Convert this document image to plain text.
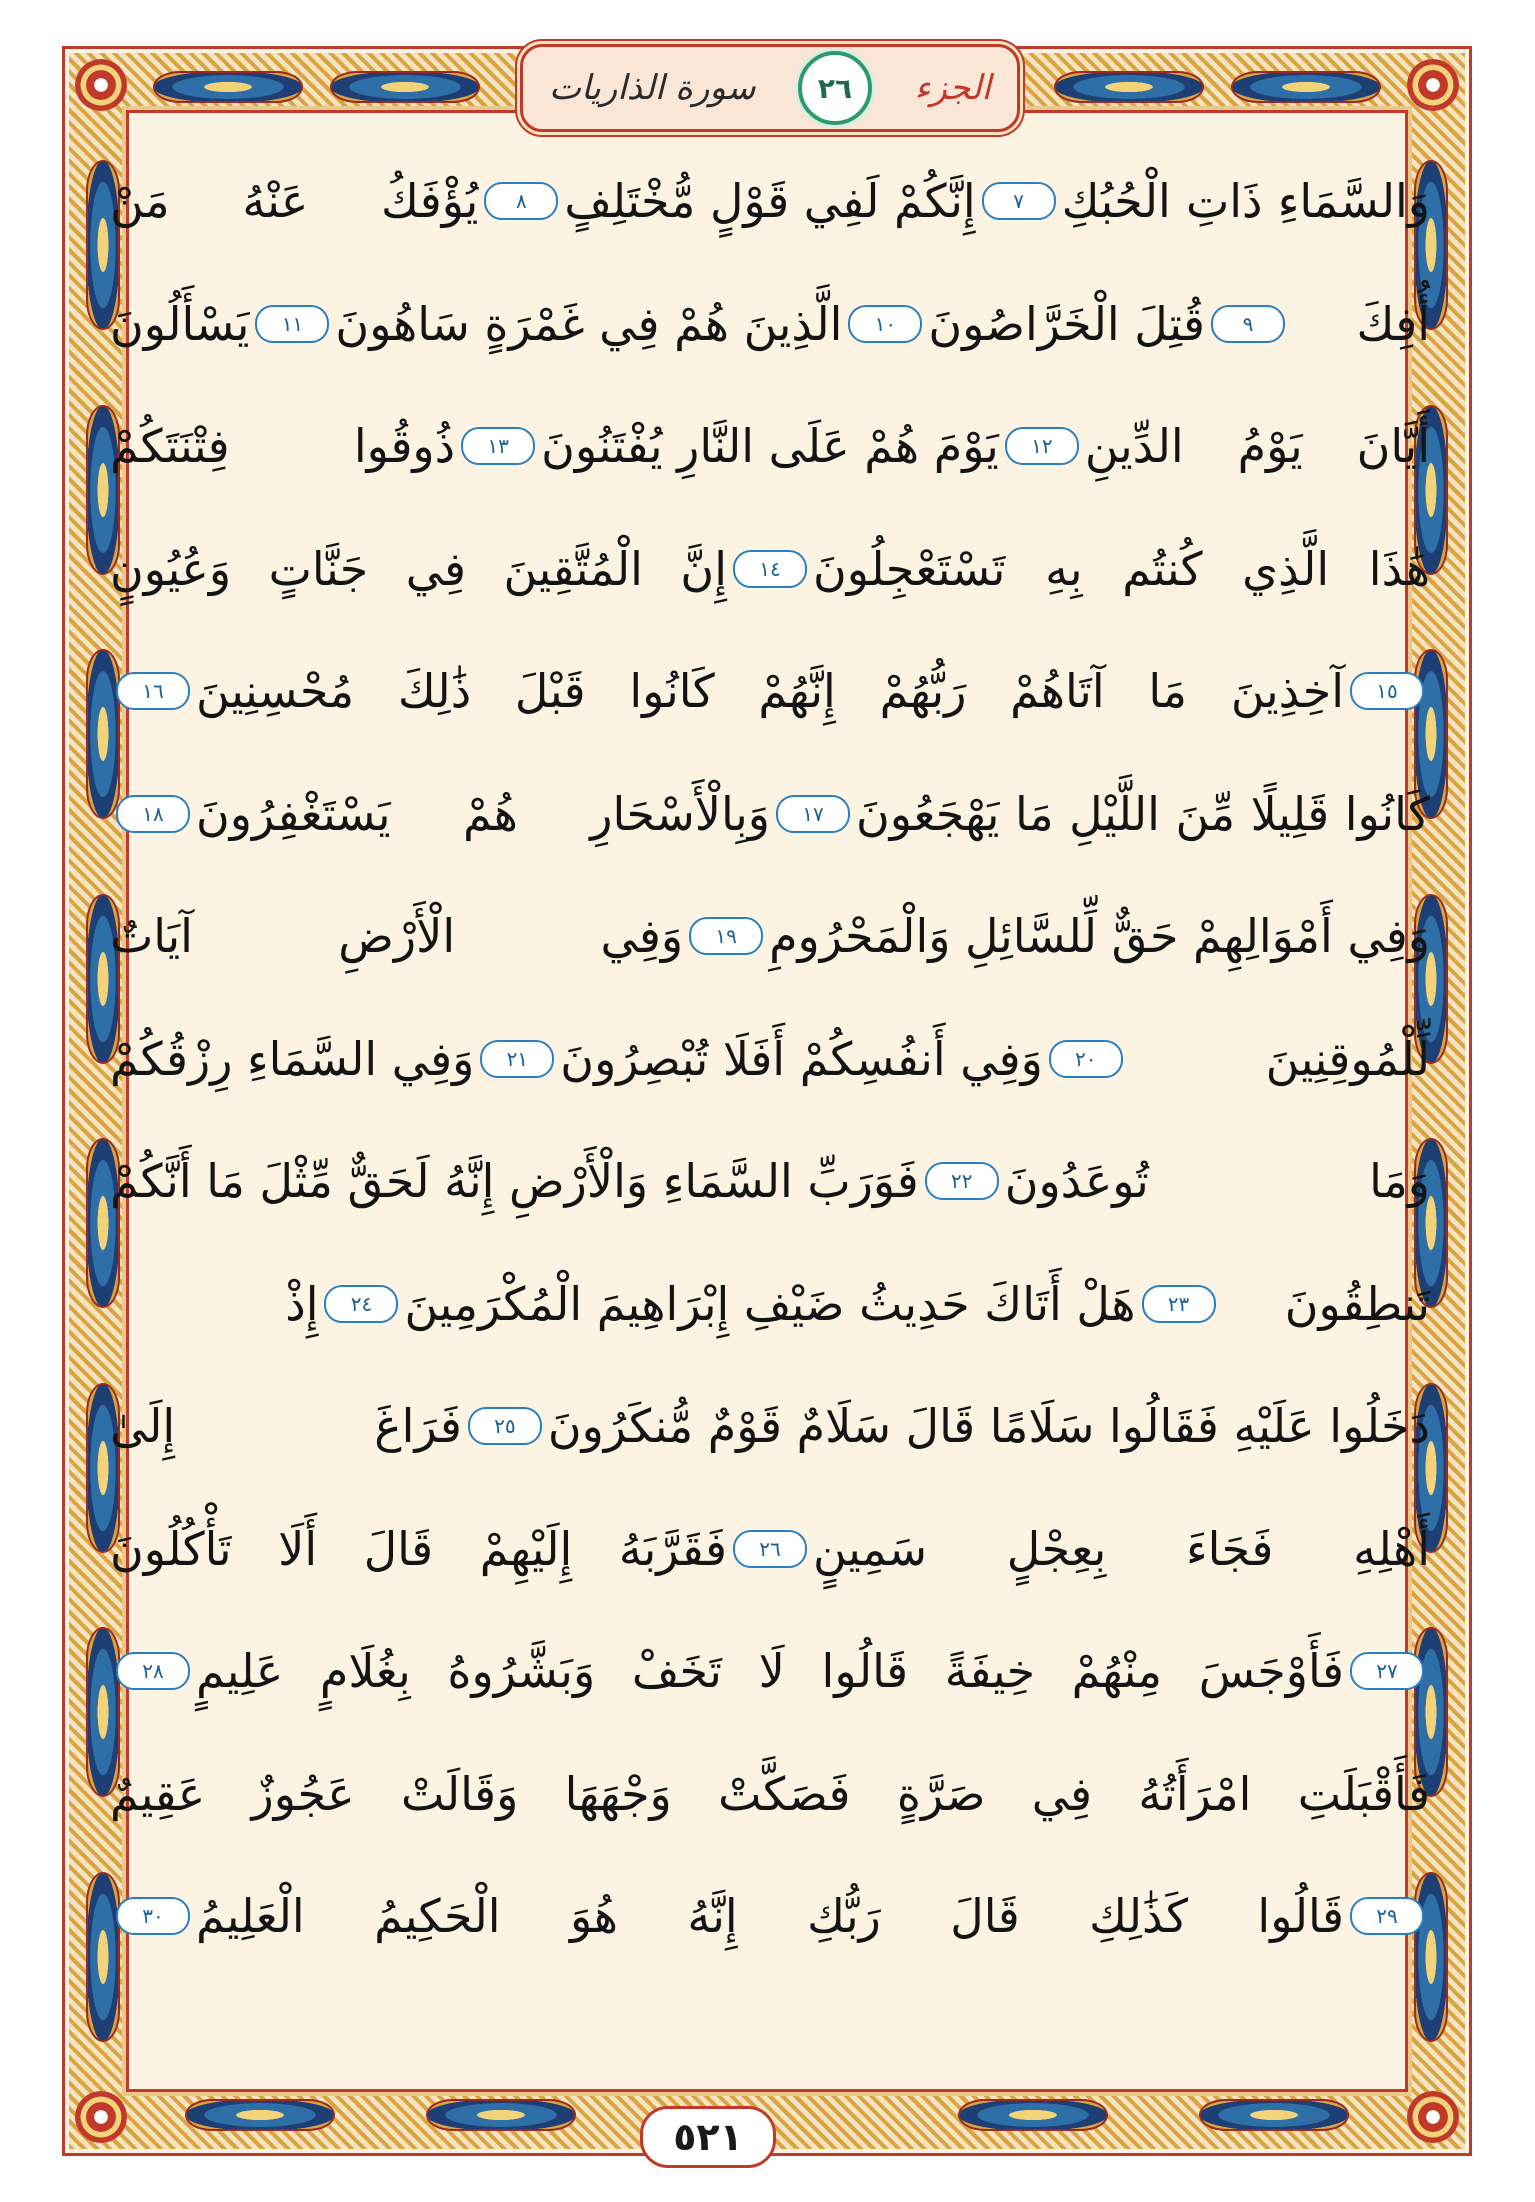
الجزء
٢٦
سورة الذاريات
وَالسَّمَاءِ ذَاتِ الْحُبُكِ
٧
إِنَّكُمْ لَفِي قَوْلٍ مُّخْتَلِفٍ
٨
يُؤْفَكُ عَنْهُ مَنْ
أُفِكَ
٩
قُتِلَ الْخَرَّاصُونَ
١٠
الَّذِينَ هُمْ فِي غَمْرَةٍ سَاهُونَ
١١
يَسْأَلُونَ
أَيَّانَ يَوْمُ الدِّينِ
١٢
يَوْمَ هُمْ عَلَى النَّارِ يُفْتَنُونَ
١٣
ذُوقُوا فِتْنَتَكُمْ
هَٰذَا الَّذِي كُنتُم بِهِ تَسْتَعْجِلُونَ
١٤
إِنَّ الْمُتَّقِينَ فِي جَنَّاتٍ وَعُيُونٍ
١٥
آخِذِينَ مَا آتَاهُمْ رَبُّهُمْ إِنَّهُمْ كَانُوا قَبْلَ ذَٰلِكَ مُحْسِنِينَ
١٦
كَانُوا قَلِيلًا مِّنَ اللَّيْلِ مَا يَهْجَعُونَ
١٧
وَبِالْأَسْحَارِ هُمْ يَسْتَغْفِرُونَ
١٨
وَفِي أَمْوَالِهِمْ حَقٌّ لِّلسَّائِلِ وَالْمَحْرُومِ
١٩
وَفِي الْأَرْضِ آيَاتٌ
لِّلْمُوقِنِينَ
٢٠
وَفِي أَنفُسِكُمْ أَفَلَا تُبْصِرُونَ
٢١
وَفِي السَّمَاءِ رِزْقُكُمْ
وَمَا تُوعَدُونَ
٢٢
فَوَرَبِّ السَّمَاءِ وَالْأَرْضِ إِنَّهُ لَحَقٌّ مِّثْلَ مَا أَنَّكُمْ
تَنطِقُونَ
٢٣
هَلْ أَتَاكَ حَدِيثُ ضَيْفِ إِبْرَاهِيمَ الْمُكْرَمِينَ
٢٤
إِذْ
دَخَلُوا عَلَيْهِ فَقَالُوا سَلَامًا قَالَ سَلَامٌ قَوْمٌ مُّنكَرُونَ
٢٥
فَرَاغَ إِلَىٰ
أَهْلِهِ فَجَاءَ بِعِجْلٍ سَمِينٍ
٢٦
فَقَرَّبَهُ إِلَيْهِمْ قَالَ أَلَا تَأْكُلُونَ
٢٧
فَأَوْجَسَ مِنْهُمْ خِيفَةً قَالُوا لَا تَخَفْ وَبَشَّرُوهُ بِغُلَامٍ عَلِيمٍ
٢٨
فَأَقْبَلَتِ امْرَأَتُهُ فِي صَرَّةٍ فَصَكَّتْ وَجْهَهَا وَقَالَتْ عَجُوزٌ عَقِيمٌ
٢٩
قَالُوا كَذَٰلِكِ قَالَ رَبُّكِ إِنَّهُ هُوَ الْحَكِيمُ الْعَلِيمُ
٣٠
٥٢١
